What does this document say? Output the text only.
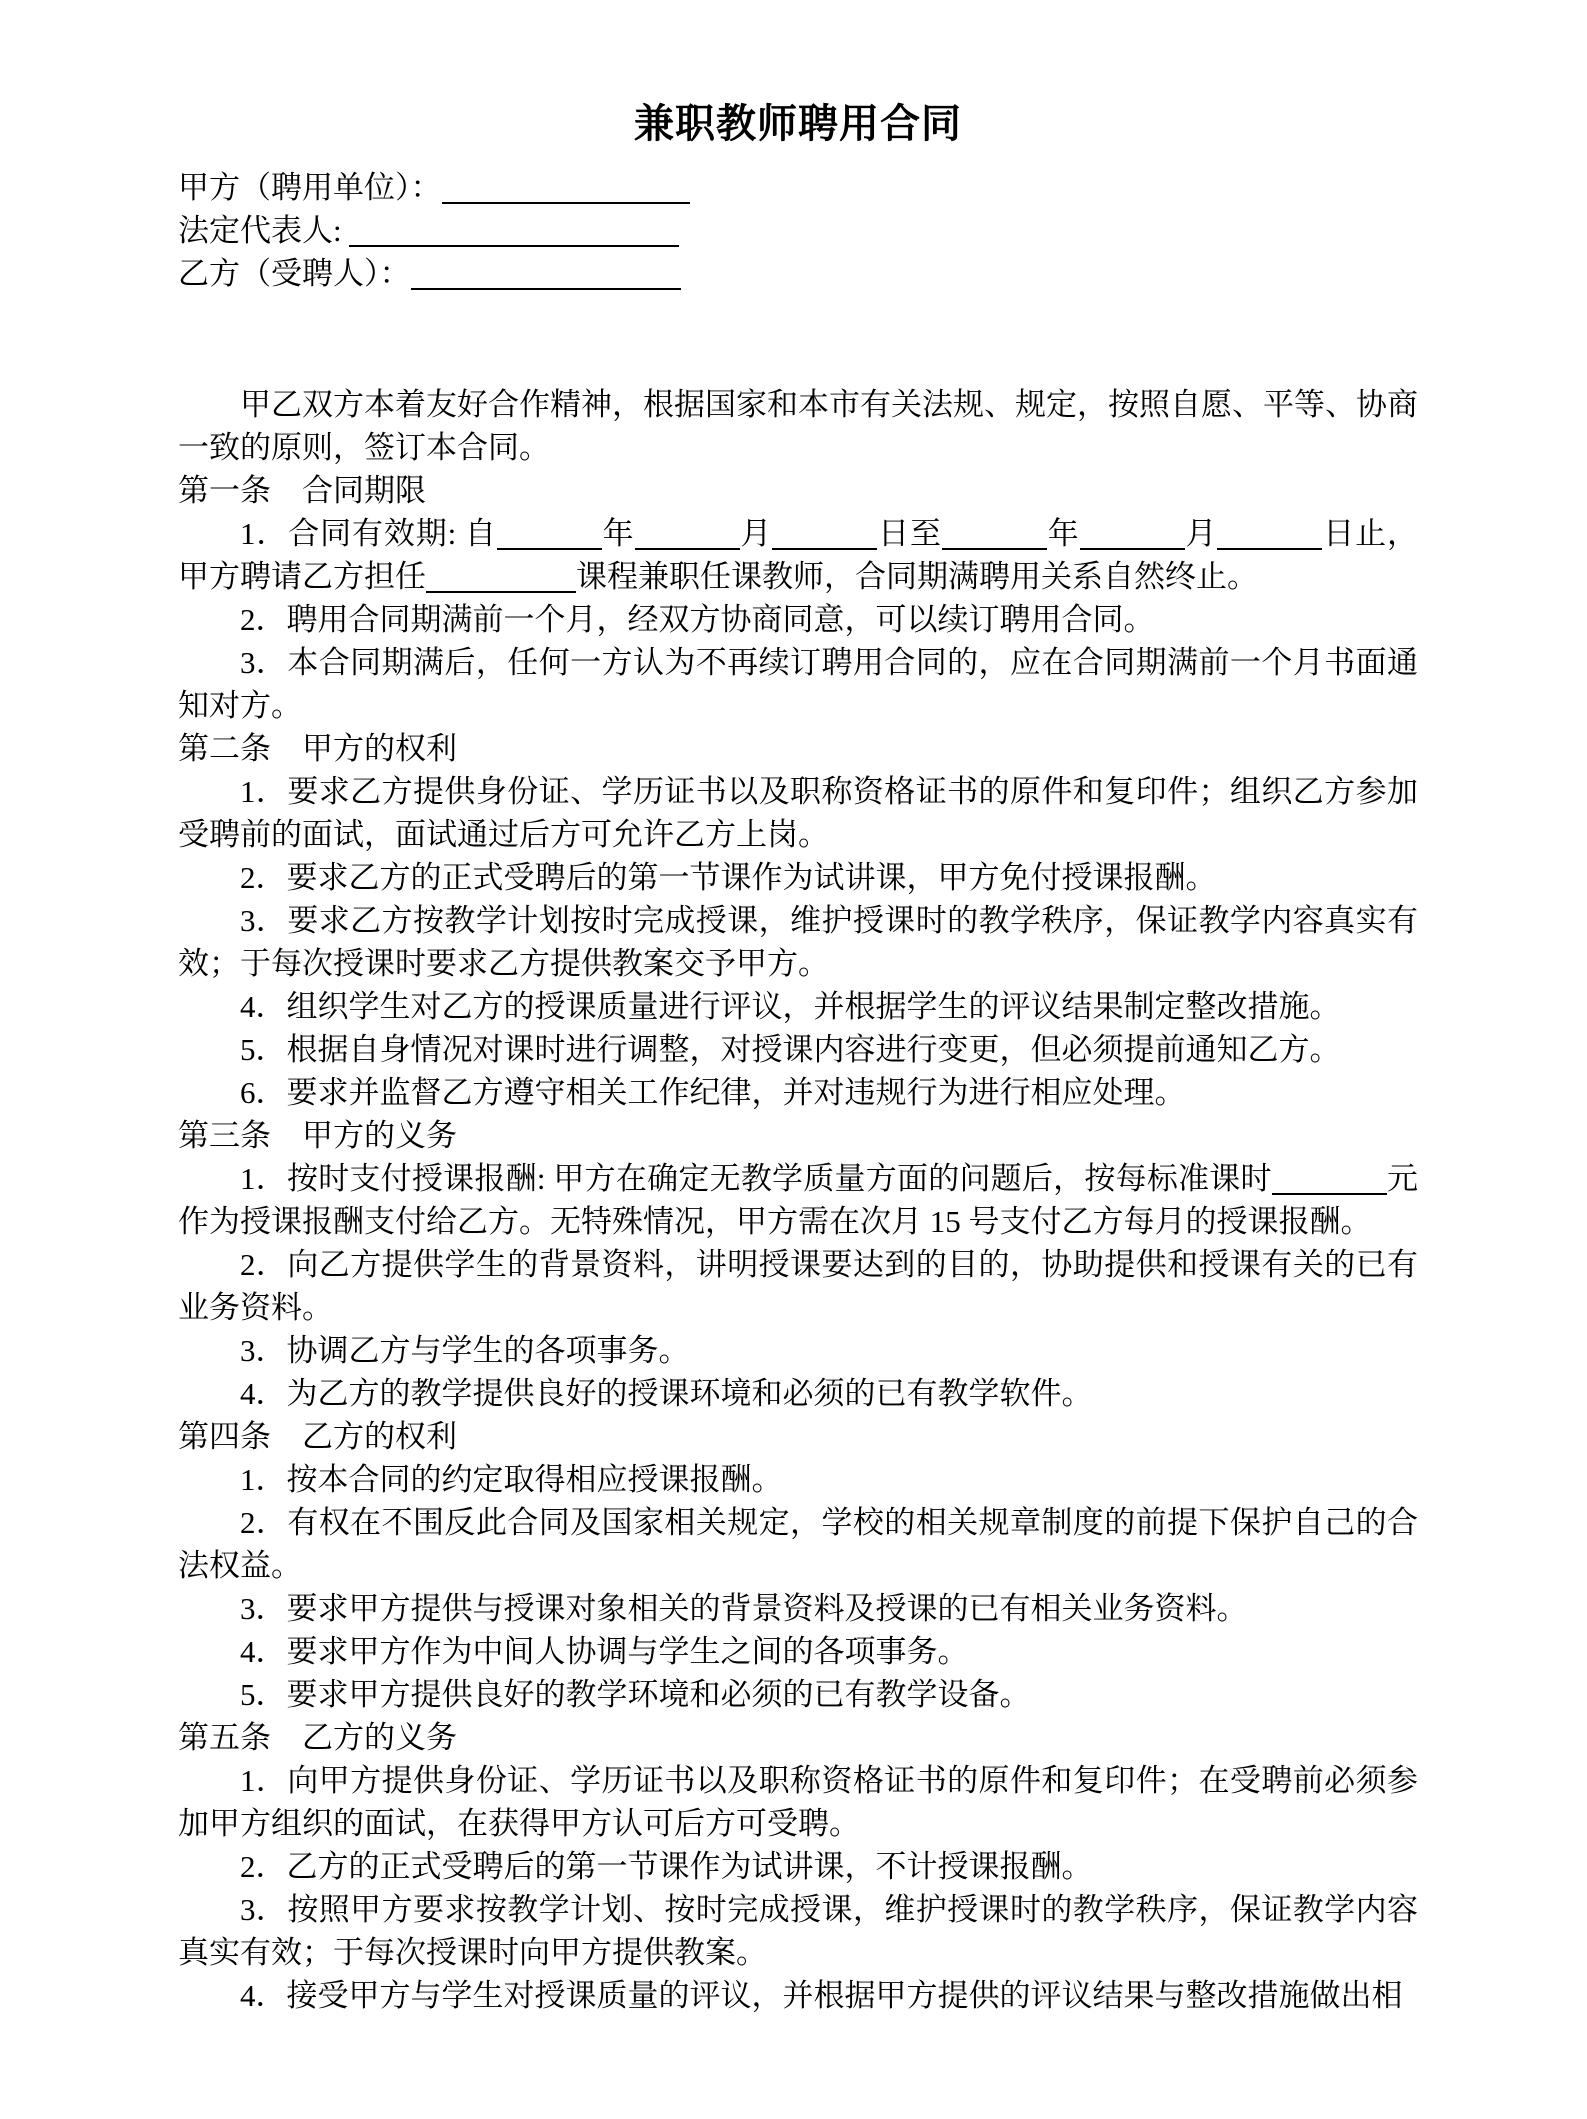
兼职教师聘用合同
甲方（聘用单位）：
法定代表人:
乙方（受聘人）：

甲乙双方本着友好合作精神，根据国家和本市有关法规、规定，按照自愿、平等、协商一致的原则，签订本合同。

第一条　合同期限

1．合同有效期: 自	年	月	日至	年	月	日止，甲方聘请乙方担任	课程兼职任课教师，合同期满聘用关系自然终止。

2．聘用合同期满前一个月，经双方协商同意，可以续订聘用合同。

3．本合同期满后，任何一方认为不再续订聘用合同的，应在合同期满前一个月书面通知对方。

第二条　甲方的权利

1．要求乙方提供身份证、学历证书以及职称资格证书的原件和复印件；组织乙方参加受聘前的面试，面试通过后方可允许乙方上岗。

2．要求乙方的正式受聘后的第一节课作为试讲课，甲方免付授课报酬。

3．要求乙方按教学计划按时完成授课，维护授课时的教学秩序，保证教学内容真实有效；于每次授课时要求乙方提供教案交予甲方。

4．组织学生对乙方的授课质量进行评议，并根据学生的评议结果制定整改措施。

5．根据自身情况对课时进行调整，对授课内容进行变更，但必须提前通知乙方。

6．要求并监督乙方遵守相关工作纪律，并对违规行为进行相应处理。

第三条　甲方的义务

1．按时支付授课报酬: 甲方在确定无教学质量方面的问题后，按每标准课时	元作为授课报酬支付给乙方。无特殊情况，甲方需在次月 15 号支付乙方每月的授课报酬。

2．向乙方提供学生的背景资料，讲明授课要达到的目的，协助提供和授课有关的已有业务资料。

3．协调乙方与学生的各项事务。

4．为乙方的教学提供良好的授课环境和必须的已有教学软件。

第四条　乙方的权利

1．按本合同的约定取得相应授课报酬。

2．有权在不围反此合同及国家相关规定，学校的相关规章制度的前提下保护自己的合法权益。

3．要求甲方提供与授课对象相关的背景资料及授课的已有相关业务资料。

4．要求甲方作为中间人协调与学生之间的各项事务。

5．要求甲方提供良好的教学环境和必须的已有教学设备。

第五条　乙方的义务

1．向甲方提供身份证、学历证书以及职称资格证书的原件和复印件；在受聘前必须参加甲方组织的面试，在获得甲方认可后方可受聘。

2．乙方的正式受聘后的第一节课作为试讲课，不计授课报酬。

3．按照甲方要求按教学计划、按时完成授课，维护授课时的教学秩序，保证教学内容真实有效；于每次授课时向甲方提供教案。

4．接受甲方与学生对授课质量的评议，并根据甲方提供的评议结果与整改措施做出相
